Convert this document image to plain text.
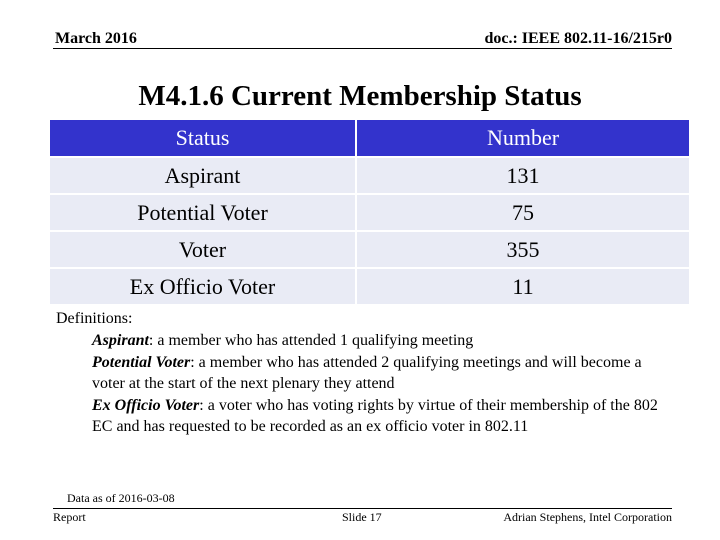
March 2016	doc.: IEEE 802.11-16/215r0
M4.1.6 Current Membership Status
Status	Number
Aspirant	131
Potential Voter	75
Voter	355
Ex Officio Voter	11
Definitions:
Aspirant: a member who has attended 1 qualifying meeting
Potential Voter: a member who has attended 2 qualifying meetings and will become a voter at the start of the next plenary they attend
Ex Officio Voter: a voter who has voting rights by virtue of their membership of the 802 EC and has requested to be recorded as an ex officio voter in 802.11
Data as of 2016-03-08
Report	Slide 17	Adrian Stephens, Intel Corporation
